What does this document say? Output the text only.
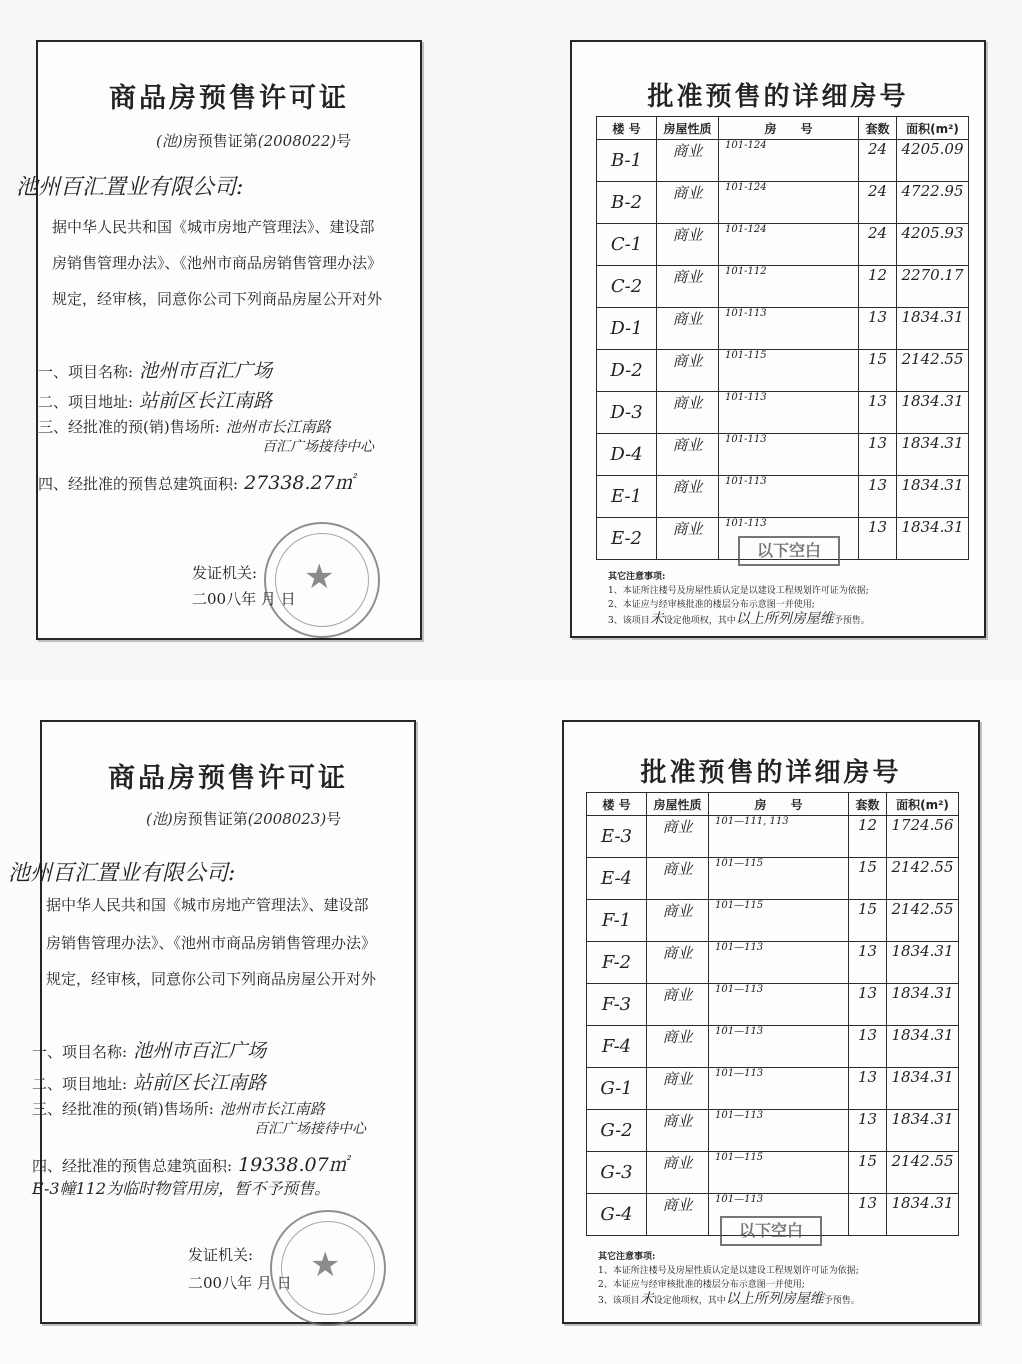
商品房预售许可证
(池)房预售证第(2008022)号
池州百汇置业有限公司:
据中华人民共和国《城市房地产管理法》、建设部
房销售管理办法》、《池州市商品房销售管理办法》
规定，经审核，同意你公司下列商品房屋公开对外
一、项目名称: 池州市百汇广场
二、项目地址: 站前区长江南路
三、经批准的预(销)售场所: 池州市长江南路
百汇广场接待中心
四、经批准的预售总建筑面积: 27338.27㎡
★
发证机关:
二00八年 月 日
批准预售的详细房号
楼 号	房屋性质	房　　号	套数	面积(m²)
B-1	商业	101-124	24	4205.09
B-2	商业	101-124	24	4722.95
C-1	商业	101-124	24	4205.93
C-2	商业	101-112	12	2270.17
D-1	商业	101-113	13	1834.31
D-2	商业	101-115	15	2142.55
D-3	商业	101-113	13	1834.31
D-4	商业	101-113	13	1834.31
E-1	商业	101-113	13	1834.31
E-2	商业	101-113	13	1834.31
以下空白
其它注意事项:
1、本证所注楼号及房屋性质认定是以建设工程规划许可证为依据;
2、本证应与经审核批准的楼层分布示意图一并使用;
3、该项目未设定他项权，其中以上所列房屋维予预售。
商品房预售许可证
(池)房预售证第(2008023)号
池州百汇置业有限公司:
据中华人民共和国《城市房地产管理法》、建设部
房销售管理办法》、《池州市商品房销售管理办法》
规定，经审核，同意你公司下列商品房屋公开对外
一、项目名称: 池州市百汇广场
二、项目地址: 站前区长江南路
三、经批准的预(销)售场所: 池州市长江南路
百汇广场接待中心
四、经批准的预售总建筑面积: 19338.07㎡
E-3幢112为临时物管用房，暂不予预售。
★
发证机关:
二00八年 月 日
批准预售的详细房号
楼 号	房屋性质	房　　号	套数	面积(m²)
E-3	商业	101—111, 113	12	1724.56
E-4	商业	101—115	15	2142.55
F-1	商业	101—115	15	2142.55
F-2	商业	101—113	13	1834.31
F-3	商业	101—113	13	1834.31
F-4	商业	101—113	13	1834.31
G-1	商业	101—113	13	1834.31
G-2	商业	101—113	13	1834.31
G-3	商业	101—115	15	2142.55
G-4	商业	101—113	13	1834.31
以下空白
其它注意事项:
1、本证所注楼号及房屋性质认定是以建设工程规划许可证为依据;
2、本证应与经审核批准的楼层分布示意图一并使用;
3、该项目未设定他项权，其中以上所列房屋维予预售。
